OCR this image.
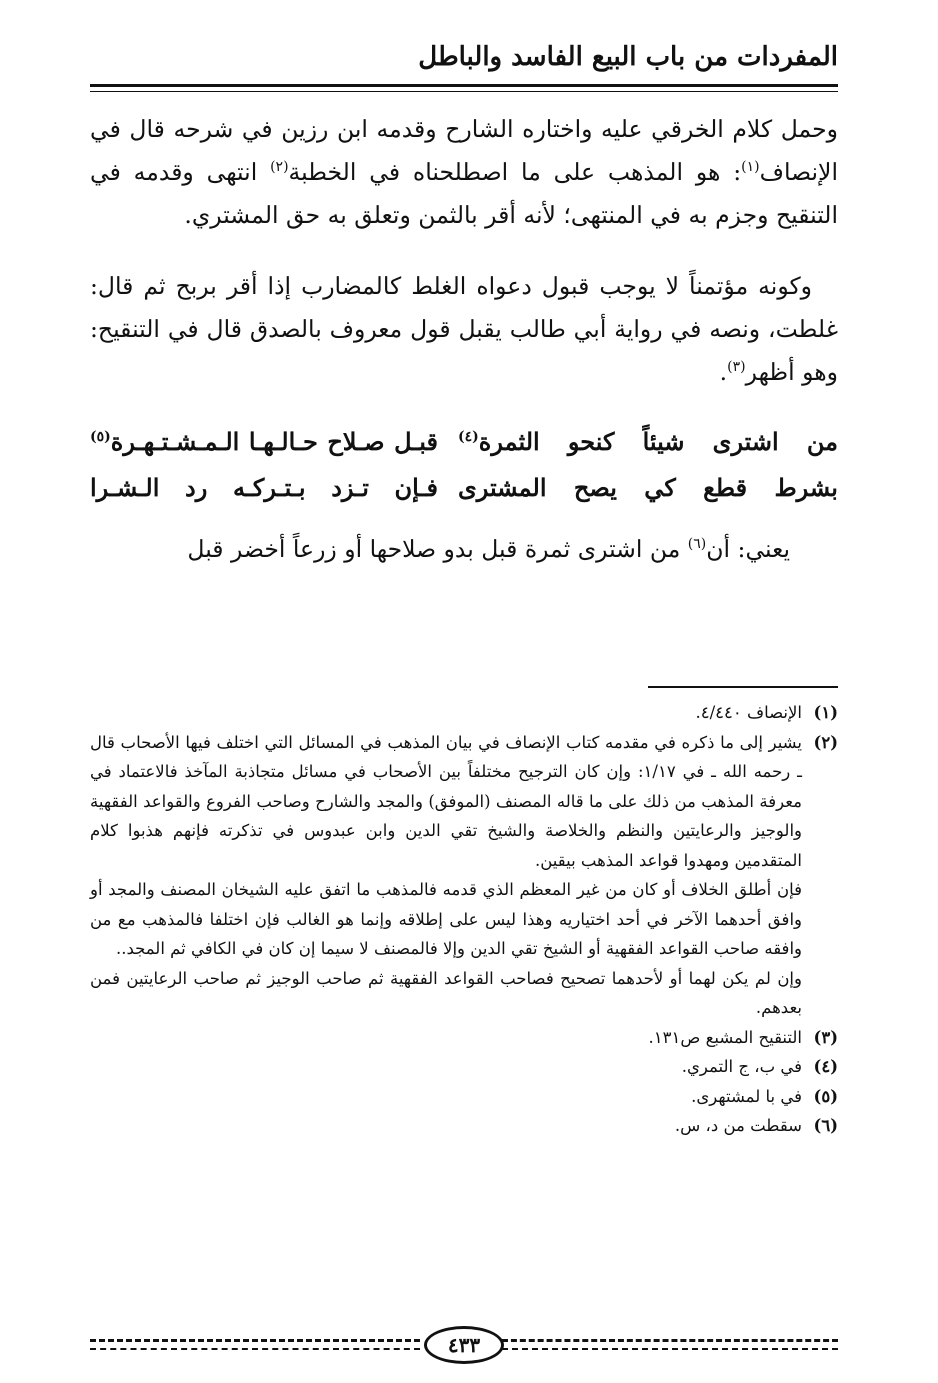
المفردات من باب البيع الفاسد والباطل

وحمل كلام الخرقي عليه واختاره الشارح وقدمه ابن رزين في شرحه قال في الإنصاف$^{(١)}$: هو المذهب على ما اصطلحناه في الخطبة$^{(٢)}$ انتهى وقدمه في التنقيح وجزم به في المنتهى؛ لأنه أقر بالثمن وتعلق به حق المشتري.

وكونه مؤتمناً لا يوجب قبول دعواه الغلط كالمضارب إذا أقر بربح ثم قال: غلطت، ونصه في رواية أبي طالب يقبل قول معروف بالصدق قال في التنقيح: وهو أظهر$^{(٣)}$.

من اشترى شيئاً كنحو الثمرة$^{(٤)}$
قبـل صـلاح حـالـهـا الـمـشـتـهـرة$^{(٥)}$
بشرط قطع كي يصح المشترى
فـإن تـزد بـتـركـه رد الـشـرا

يعني: أن$^{(٦)}$ من اشترى ثمرة قبل بدو صلاحها أو زرعاً أخضر قبل

(١)

الإنصاف ٤/٤٤٠.

(٢)

يشير إلى ما ذكره في مقدمه كتاب الإنصاف في بيان المذهب في المسائل التي اختلف فيها الأصحاب قال ـ رحمه الله ـ في ١/١٧: وإن كان الترجيح مختلفاً بين الأصحاب في مسائل متجاذبة المآخذ فالاعتماد في معرفة المذهب من ذلك على ما قاله المصنف (الموفق) والمجد والشارح وصاحب الفروع والقواعد الفقهية والوجيز والرعايتين والنظم والخلاصة والشيخ تقي الدين وابن عبدوس في تذكرته فإنهم هذبوا كلام المتقدمين ومهدوا قواعد المذهب بيقين.

فإن أطلق الخلاف أو كان من غير المعظم الذي قدمه فالمذهب ما اتفق عليه الشيخان المصنف والمجد أو وافق أحدهما الآخر في أحد اختياريه وهذا ليس على إطلاقه وإنما هو الغالب فإن اختلفا فالمذهب مع من وافقه صاحب القواعد الفقهية أو الشيخ تقي الدين وإلا فالمصنف لا سيما إن كان في الكافي ثم المجد..

وإن لم يكن لهما أو لأحدهما تصحيح فصاحب القواعد الفقهية ثم صاحب الوجيز ثم صاحب الرعايتين فمن بعدهم.

(٣)

التنقيح المشبع ص١٣١.

(٤)

في ب، ج التمري.

(٥)

في با لمشتهرى.

(٦)

سقطت من د، س.

٤٣٣
